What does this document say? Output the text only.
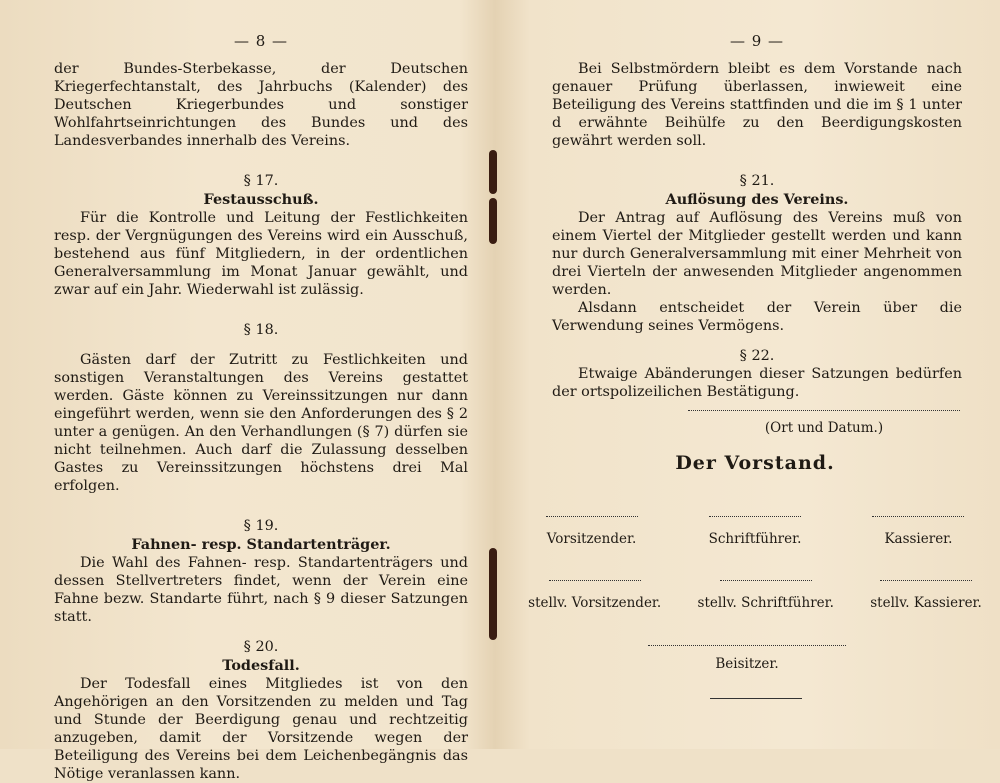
— 8 —

der Bundes-Sterbekasse, der Deutschen Kriegerfechtanstalt, des Jahrbuchs (Kalender) des Deutschen Kriegerbundes und sonstiger Wohlfahrtseinrichtungen des Bundes und des Landesverbandes innerhalb des Vereins.

§ 17.
Festausschuß.

Für die Kontrolle und Leitung der Festlichkeiten resp. der Vergnügungen des Vereins wird ein Ausschuß, bestehend aus fünf Mitgliedern, in der ordentlichen Generalversammlung im Monat Januar gewählt, und zwar auf ein Jahr. Wiederwahl ist zulässig.

§ 18.

Gästen darf der Zutritt zu Festlichkeiten und sonstigen Veranstaltungen des Vereins gestattet werden. Gäste können zu Vereinssitzungen nur dann eingeführt werden, wenn sie den Anforderungen des § 2 unter a genügen. An den Verhandlungen (§ 7) dürfen sie nicht teilnehmen. Auch darf die Zulassung desselben Gastes zu Vereinssitzungen höchstens drei Mal erfolgen.

§ 19.
Fahnen- resp. Standartenträger.

Die Wahl des Fahnen- resp. Standartenträgers und dessen Stellvertreters findet, wenn der Verein eine Fahne bezw. Standarte führt, nach § 9 dieser Satzungen statt.

§ 20.
Todesfall.

Der Todesfall eines Mitgliedes ist von den Angehörigen an den Vorsitzenden zu melden und Tag und Stunde der Beerdigung genau und rechtzeitig anzugeben, damit der Vorsitzende wegen der Beteiligung des Vereins bei dem Leichenbegängnis das Nötige veranlassen kann.

— 9 —

Bei Selbstmördern bleibt es dem Vorstande nach genauer Prüfung überlassen, inwieweit eine Beteiligung des Vereins stattfinden und die im § 1 unter d erwähnte Beihülfe zu den Beerdigungskosten gewährt werden soll.

§ 21.
Auflösung des Vereins.

Der Antrag auf Auflösung des Vereins muß von einem Viertel der Mitglieder gestellt werden und kann nur durch Generalversammlung mit einer Mehrheit von drei Vierteln der anwesenden Mitglieder angenommen werden.

Alsdann entscheidet der Verein über die Verwendung seines Vermögens.

§ 22.

Etwaige Abänderungen dieser Satzungen bedürfen der ortspolizeilichen Bestätigung.

(Ort und Datum.)
Der Vorstand.
Vorsitzender.	Schriftführer.	Kassierer.
stellv. Vorsitzender.	stellv. Schriftführer.	stellv. Kassierer.
Beisitzer.
